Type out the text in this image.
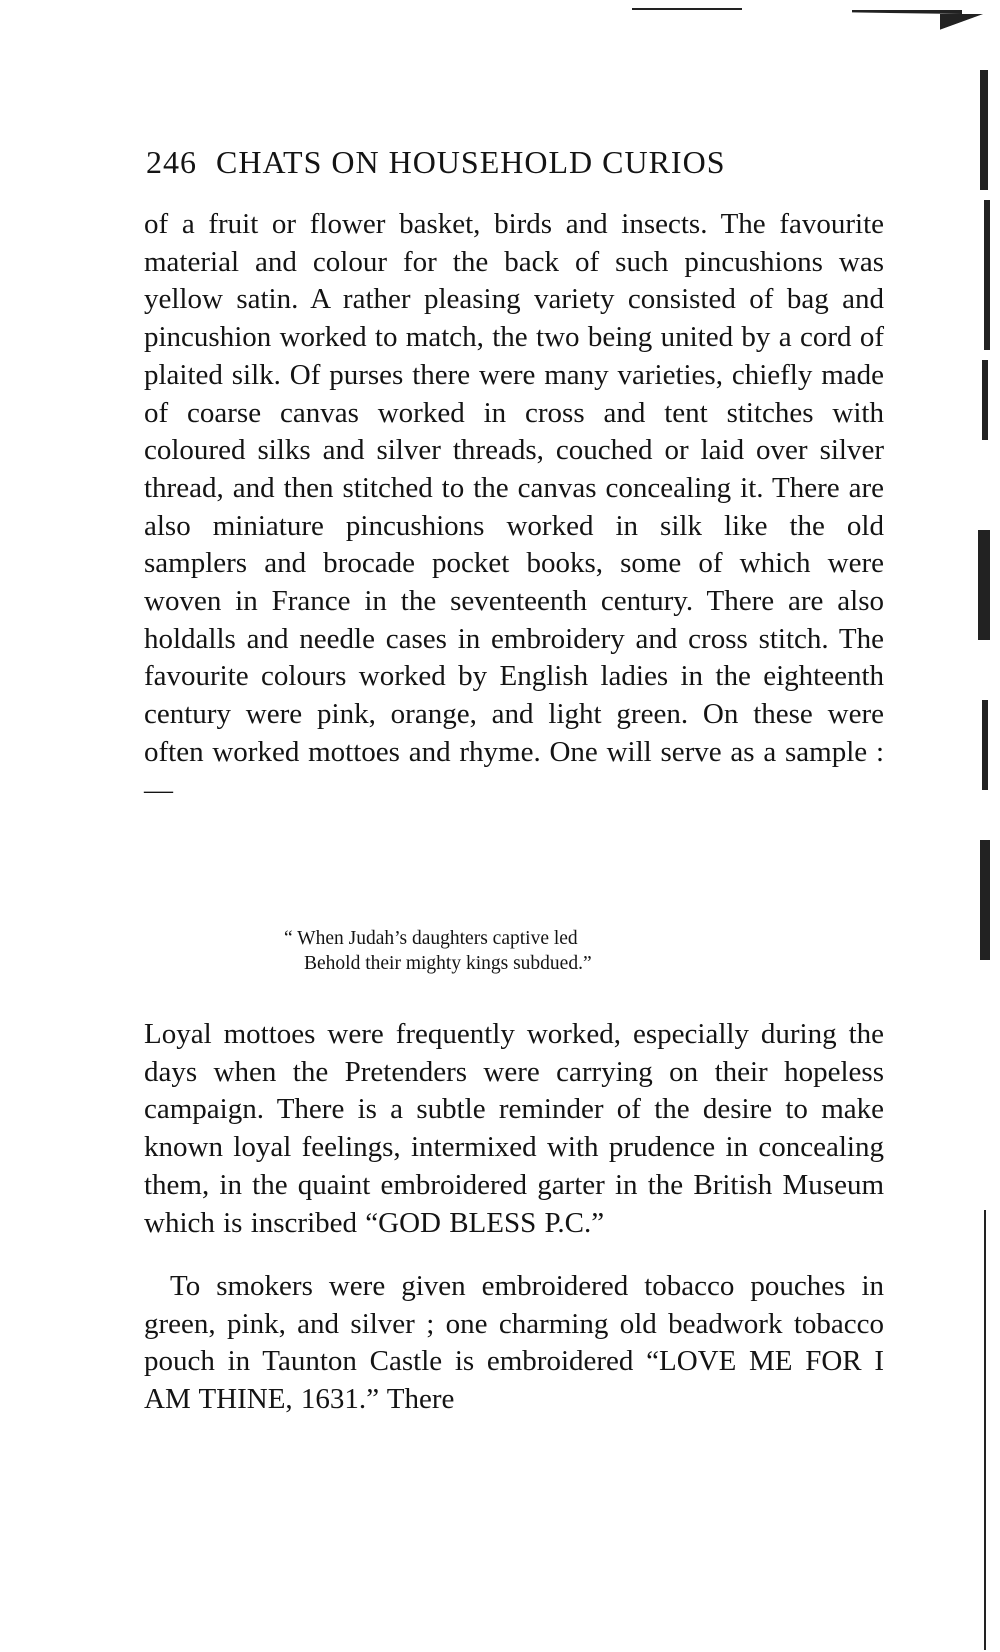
246 CHATS ON HOUSEHOLD CURIOS

of a fruit or flower basket, birds and insects. The favourite material and colour for the back of such pincushions was yellow satin. A rather pleasing variety consisted of bag and pincushion worked to match, the two being united by a cord of plaited silk. Of purses there were many varieties, chiefly made of coarse canvas worked in cross and tent stitches with coloured silks and silver threads, couched or laid over silver thread, and then stitched to the canvas concealing it. There are also miniature pincushions worked in silk like the old samplers and brocade pocket books, some of which were woven in France in the seventeenth century. There are also holdalls and needle cases in embroidery and cross stitch. The favourite colours worked by English ladies in the eighteenth century were pink, orange, and light green. On these were often worked mottoes and rhyme. One will serve as a sample :—

“ When Judah’s daughters captive led
Behold their mighty kings subdued.”

Loyal mottoes were frequently worked, especially during the days when the Pretenders were carrying on their hopeless campaign. There is a subtle reminder of the desire to make known loyal feelings, intermixed with prudence in concealing them, in the quaint embroidered garter in the British Museum which is inscribed “GOD BLESS P.C.”

To smokers were given embroidered tobacco pouches in green, pink, and silver ; one charming old beadwork tobacco pouch in Taunton Castle is embroidered “LOVE ME FOR I AM THINE, 1631.” There
